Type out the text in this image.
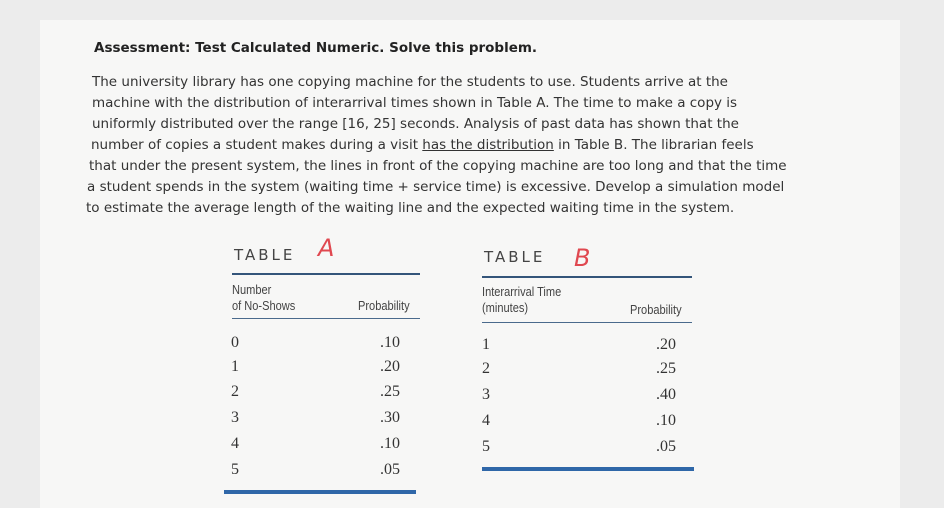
Assessment: Test Calculated Numeric. Solve this problem.
The university library has one copying machine for the students to use. Students arrive at the
machine with the distribution of interarrival times shown in Table A. The time to make a copy is
uniformly distributed over the range [16, 25] seconds. Analysis of past data has shown that the
number of copies a student makes during a visit has the distribution in Table B. The librarian feels
that under the present system, the lines in front of the copying machine are too long and that the time
a student spends in the system (waiting time + service time) is excessive. Develop a simulation model
to estimate the average length of the waiting line and the expected waiting time in the system.
TABLE A
Number
of No-Shows	Probability
0	.10
1	.20
2	.25
3	.30
4	.10
5	.05
TABLE B
Interarrival Time
(minutes)	Probability
1	.20
2	.25
3	.40
4	.10
5	.05
